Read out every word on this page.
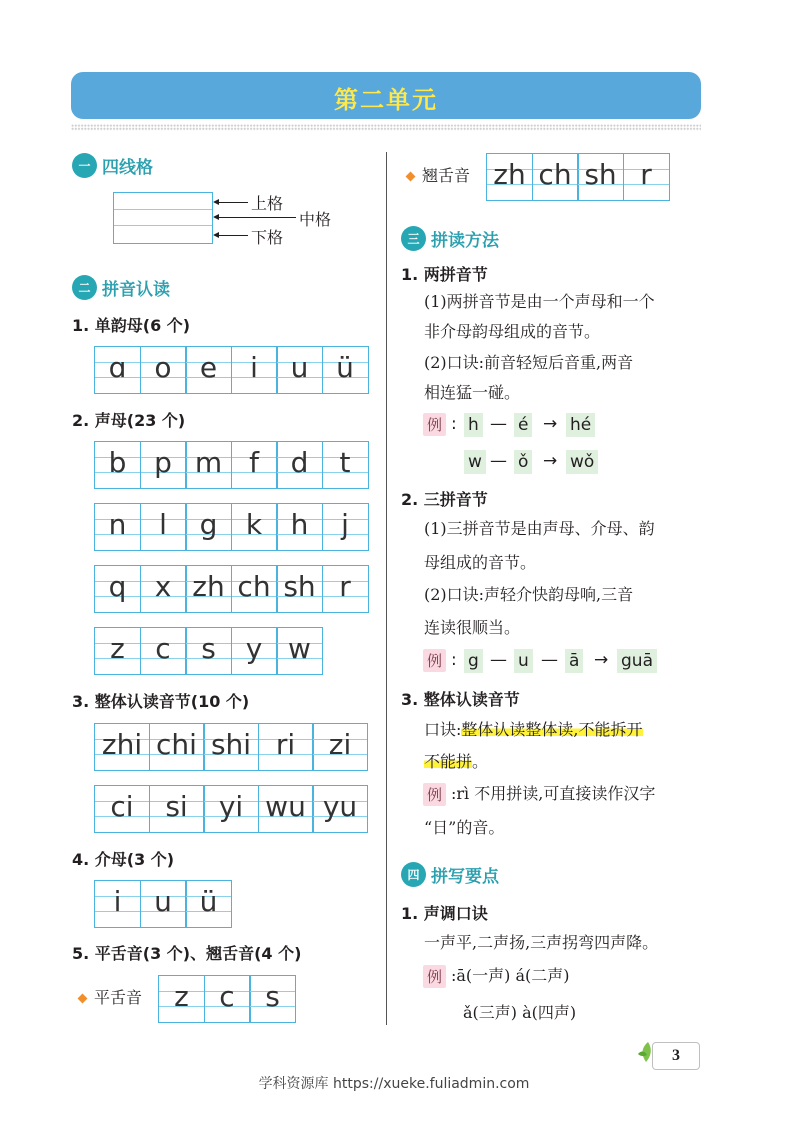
第二单元
一 四线格
上格
中格
下格
二 拼音认读
1. 单韵母(6 个)
ɑ	o	e	i	u ü
2. 声母(23 个)
b p m f	d	t
n	l	g	k	h	j
q	x zh ch sh r
z	c	s	y w
3. 整体认读音节(10 个)
zhi chi shi ri	zi
ci	si	yi wu yu
4. 介母(3 个)
i	u ü
5. 平舌音(3 个)、翘舌音(4 个)
平舌音	z	c	s
翘舌音 zh ch sh r
三 拼读方法
1. 两拼音节
(1)两拼音节是由一个声母和一个
非介母韵母组成的音节。
(2)口诀:前音轻短后音重,两音
相连猛一碰。
例 : h — é → hé
w — ǒ → wǒ
2. 三拼音节
(1)三拼音节是由声母、介母、韵
母组成的音节。
(2)口诀:声轻介快韵母响,三音
连读很顺当。
例 : g — u — ā → guā
3. 整体认读音节
口诀:整体认读整体读,不能拆开
不能拼。
例 :rì 不用拼读,可直接读作汉字
“日”的音。
四 拼写要点
1. 声调口诀
一声平,二声扬,三声拐弯四声降。
例 :ā(一声) á(二声)
ǎ(三声) à(四声)
3
学科资源库 https://xueke.fuliadmin.com
